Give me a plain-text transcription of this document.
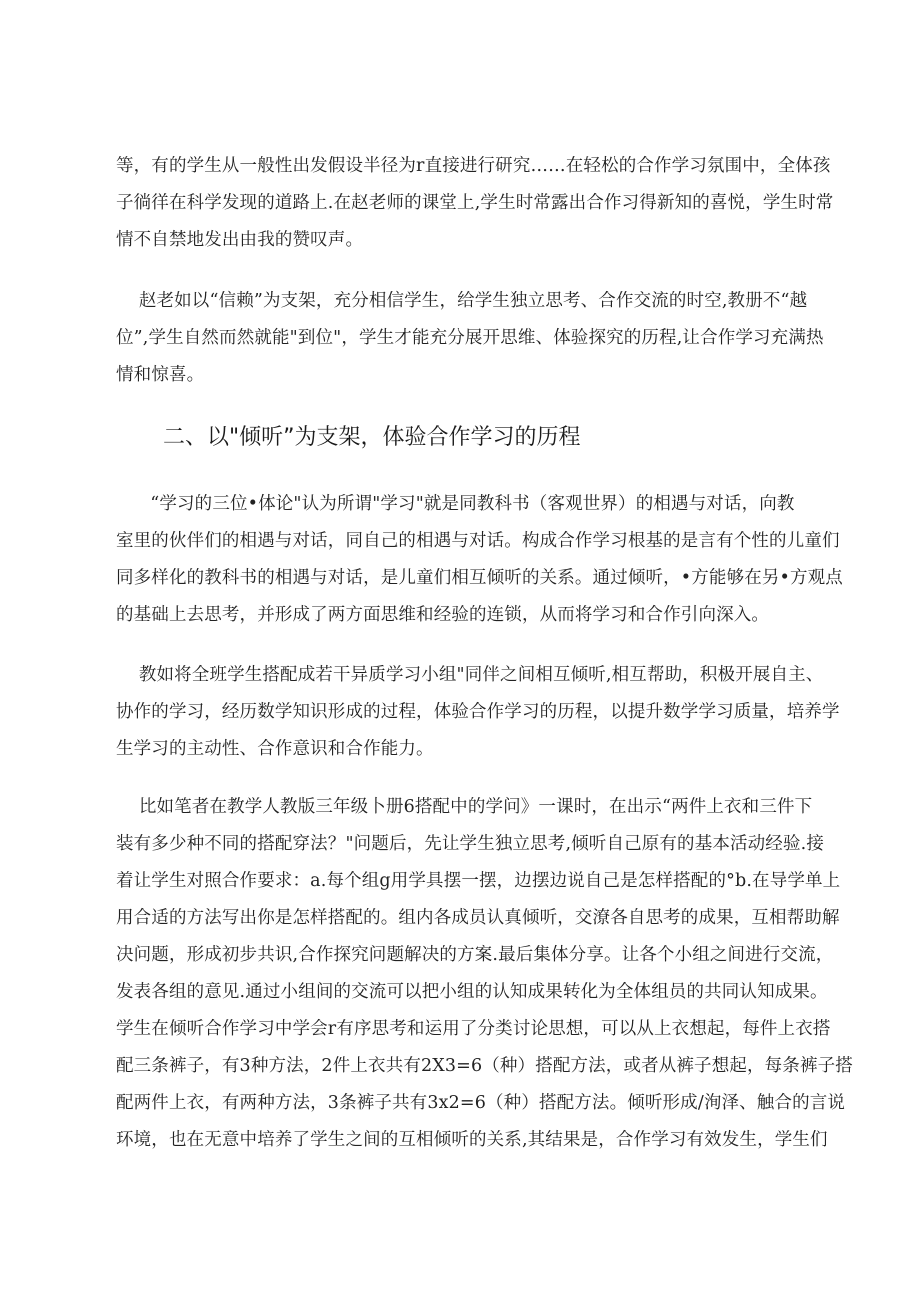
等，有的学生从一般性出发假设半径为r直接进行研究……在轻松的合作学习氛围中，全体孩
子徜徉在科学发现的道路上.在赵老师的课堂上,学生时常露出合作习得新知的喜悦，学生时常
情不自禁地发出由我的赞叹声。
赵老如以“信赖”为支架，充分相信学生，给学生独立思考、合作交流的时空,教册不“越
位”,学生自然而然就能"到位"，学生才能充分展开思维、体验探究的历程,让合作学习充满热
情和惊喜。
二、以"倾听”为支架，体验合作学习的历程
“学习的三位•体论"认为所谓"学习"就是同教科书（客观世界）的相遇与对话，向教
室里的伙伴们的相遇与对话，同自己的相遇与对话。构成合作学习根基的是言有个性的儿童们
同多样化的教科书的相遇与对话，是儿童们相互倾听的关系。通过倾听，•方能够在另•方观点
的基础上去思考，并形成了两方面思维和经验的连锁，从而将学习和合作引向深入。
教如将全班学生搭配成若干异质学习小组"同伴之间相互倾听,相互帮助，积极开展自主、
协作的学习，经历数学知识形成的过程，体验合作学习的历程，以提升数学学习质量，培养学
生学习的主动性、合作意识和合作能力。
比如笔者在教学人教版三年级卜册6搭配中的学问》一课时，在出示“两件上衣和三件下
装有多少种不同的搭配穿法？"问题后，先让学生独立思考,倾听自己原有的基本活动经验.接
着让学生对照合作要求：a.每个组g用学具摆一摆，边摆边说自己是怎样搭配的°b.在导学单上
用合适的方法写出你是怎样搭配的。组内各成员认真倾听，交潦各自思考的成果，互相帮助解
决问题，形成初步共识,合作探究问题解决的方案.最后集体分享。让各个小组之间进行交流，
发表各组的意见.通过小组间的交流可以把小组的认知成果转化为全体组员的共同认知成果。
学生在倾听合作学习中学会r有序思考和运用了分类讨论思想，可以从上衣想起，每件上衣搭
配三条裤子，有3种方法，2件上衣共有2X3=6（种）搭配方法，或者从裤子想起，每条裤子搭
配两件上衣，有两种方法，3条裤子共有3x2=6（种）搭配方法。倾听形成/洵泽、触合的言说
环境，也在无意中培养了学生之间的互相倾听的关系,其结果是，合作学习有效发生，学生们
